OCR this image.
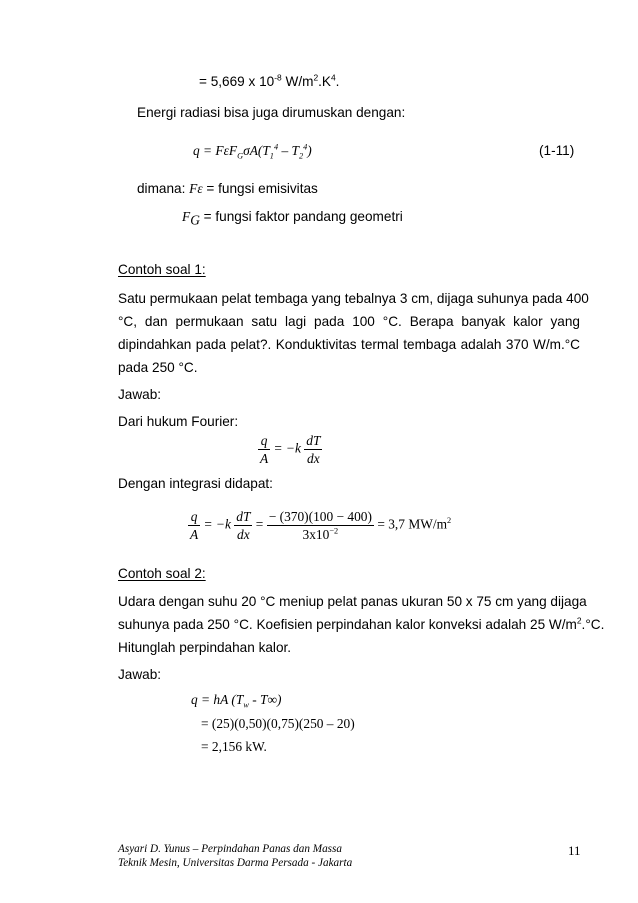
= 5,669 x $10^{-8}$ $W/m^2.K^4$.
Energi radiasi bisa juga dirumuskan dengan:
$q = F\varepsilon F_G\sigma A(T_1^4 - T_2^4)$	(1-11)
dimana: Fε = fungsi emisivitas
$F_G$ = fungsi faktor pandang geometri
Contoh soal 1:
Satu permukaan pelat tembaga yang tebalnya 3 cm, dijaga suhunya pada 400
°C, dan permukaan satu lagi pada 100 °C. Berapa banyak kalor yang
dipindahkan pada pelat?. Konduktivitas termal tembaga adalah 370 W/m.°C
pada 250 °C.
Jawab:
Dari hukum Fourier:
$\frac{q}{A} = -k \frac{dT}{dx}$
Dengan integrasi didapat:
$\frac{q}{A} = -k \frac{dT}{dx} = \frac{- (370)(100 - 400)}{3x10^{-2}} = 3,7$ $MW/m^2$
Contoh soal 2:
Udara dengan suhu 20 °C meniup pelat panas ukuran 50 x 75 cm yang dijaga
suhunya pada 250 °C. Koefisien perpindahan kalor konveksi adalah 25 $W/m^2.^\circ C$.
Hitunglah perpindahan kalor.
Jawab:
q = hA $(T_w - T\infty)$
= (25)(0,50)(0,75)(250 – 20)
= 2,156 kW.
Asyari D. Yunus – Perpindahan Panas dan Massa
Teknik Mesin, Universitas Darma Persada - Jakarta
11
